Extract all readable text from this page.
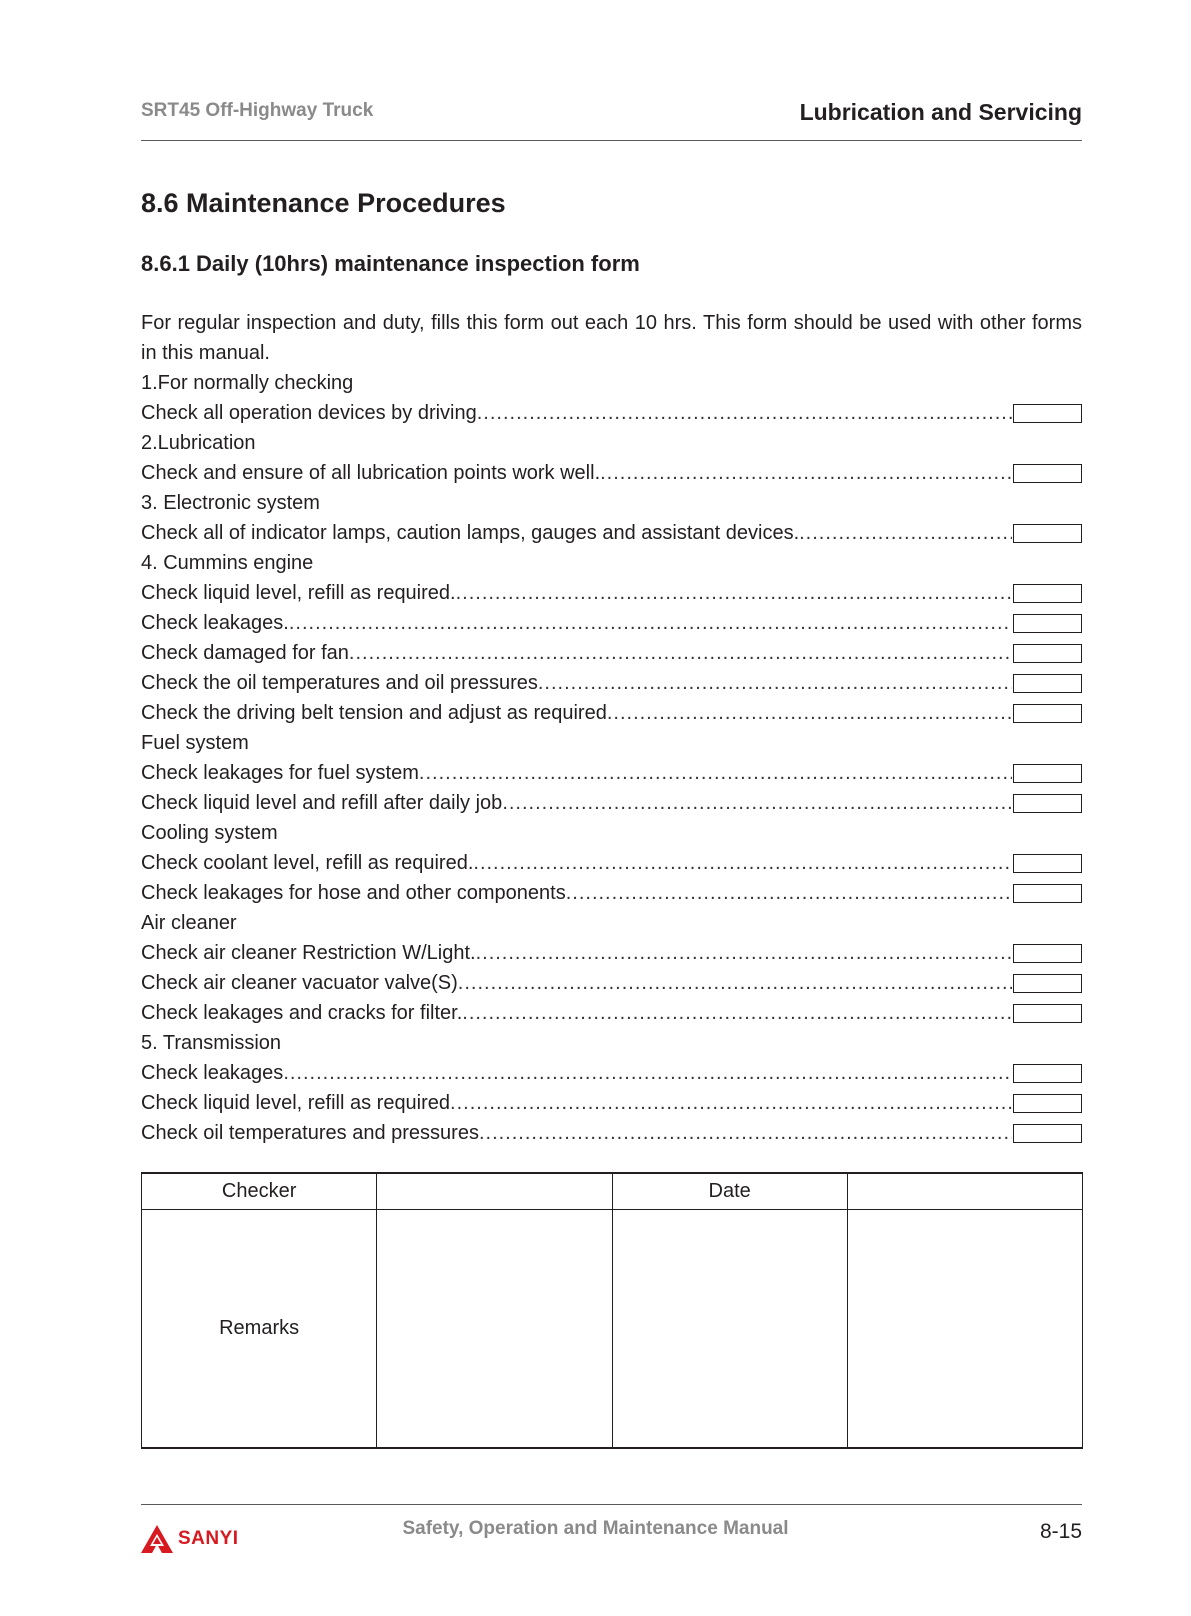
SRT45 Off-Highway Truck	Lubrication and Servicing
8.6 Maintenance Procedures
8.6.1 Daily (10hrs) maintenance inspection form

For regular inspection and duty, fills this form out each 10 hrs. This form should be used with other forms in this manual.

1.For normally checking
Check all operation devices by driving
.....
2.Lubrication
Check and ensure of all lubrication points work well.
.....
3. Electronic system
Check all of indicator lamps, caution lamps, gauges and assistant devices.
.....
4. Cummins engine
Check liquid level, refill as required.
.....
Check leakages.
.....
Check damaged for fan
.....
Check the oil temperatures and oil pressures
.....
Check the driving belt tension and adjust as required
.....
Fuel system
Check leakages for fuel system
.....
Check liquid level and refill after daily job
.....
Cooling system
Check coolant level, refill as required.
.....
Check leakages for hose and other components
.....
Air cleaner
Check air cleaner Restriction W/Light.
.....
Check air cleaner vacuator valve(S)
.....
Check leakages and cracks for filter.
.....
5. Transmission
Check leakages
.....
Check liquid level, refill as required
.....
Check oil temperatures and pressures
.....
Checker		Date	
Remarks			
SANYI	Safety, Operation and Maintenance Manual	8-15
